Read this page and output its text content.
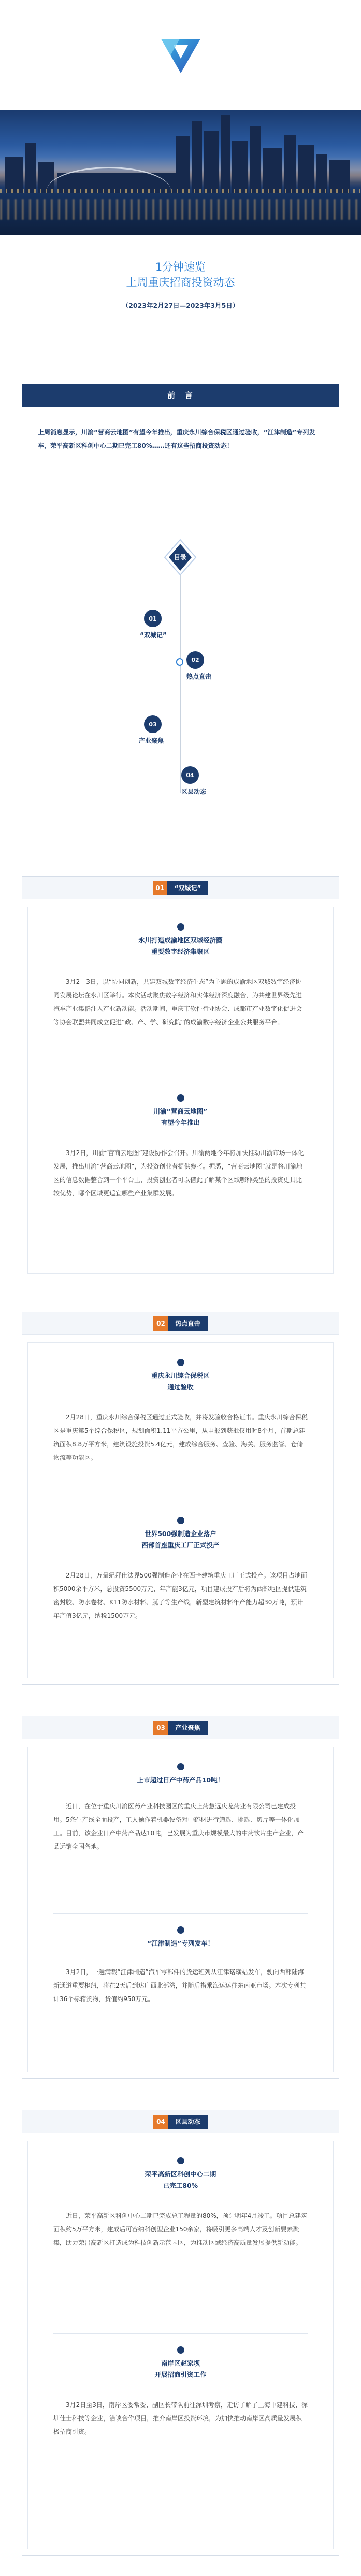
1分钟速览
上周重庆招商投资动态
（2023年2月27日—2023年3月5日）
前　言
上周消息显示，川渝“营商云地图”有望今年推出，重庆永川综合保税区通过验收，“江津制造”专列发车，荣平高新区科创中心二期已完工80%……还有这些招商投资动态！
目录
01
“双城记”
02
热点直击
03
产业聚焦
04
区县动态
01	“双城记”
永川打造成渝地区双城经济圈
重要数字经济集聚区
3月2—3日，以“协同创新，共建双城数字经济生态”为主题的成渝地区双城数字经济协同发展论坛在永川区举行。本次活动聚焦数字经济和实体经济深度融合，为共建世界级先进汽车产业集群注入产业新动能。活动期间，重庆市软件行业协会、成都市产业数字化促进会等协会联盟共同成立促进“政、产、学、研究院”的成渝数字经济企业公共服务平台。
川渝“营商云地图”
有望今年推出
3月2日，川渝“营商云地图”建设协作会召开。川渝两地今年将加快推动川渝市场一体化发展，推出川渝“营商云地图”，为投资创业者提供参考。据悉，“营商云地图”就是将川渝地区的信息数据整合到一个平台上，投资创业者可以借此了解某个区域哪种类型的投资更具比较优势，哪个区域更适宜哪些产业集群发展。
02	热点直击
重庆永川综合保税区
通过验收
2月28日，重庆永川综合保税区通过正式验收，并将发验收合格证书。重庆永川综合保税区是重庆第5个综合保税区，规划面积1.11平方公里，从申报到获批仅用时8个月，首期总建筑面积8.8万平方米，建筑设施投资5.4亿元，建成综合服务、查验、海关、服务监管、仓储物流等功能区。
世界500强制造企业落户
西部首座重庆工厂正式投产
2月28日，万量纪拜仕法界500强制造企业在西卡建筑重庆工厂正式投产。该项目占地面积5000余平方米，总投资5500万元，年产能3亿元，项目建成投产后将为西部地区提供建筑密封胶、防水卷材、K11防水材料、腻子等生产线，新型建筑材料年产能力超30万吨，预计年产值3亿元，纳税1500万元。
03	产业聚焦
上市超过日产中药产品10吨！
近日，在位于重庆川渝医药产业科技园区的重庆上药慧远庆龙药业有限公司已建成投用。5条生产线全面投产，工人操作着机器设备对中药材进行筛选、挑选、切片等一体化加工。目前，该企业日产中药产品达10吨，已发展为重庆市规模最大的中药饮片生产企业，产品远销全国各地。
“江津制造”专列发车！
3月2日，一趟满载“江津制造”汽车零部件的货运班列从江津珞璜站发车，驶向西部陆海新通道重要枢纽，将在2天后到达广西北部湾，并随后搭乘海运运往东南亚市场。本次专列共计36个标箱货物，货值约950万元。
04	区县动态
荣平高新区科创中心二期
已完工80%
近日，荣平高新区科创中心二期已完成总工程量的80%，预计明年4月竣工。项目总建筑面积约5万平方米，建成后可容纳科创型企业150余家，将吸引更多高端人才及创新要素聚集，助力荣昌高新区打造成为科技创新示范园区，为推动区域经济高质量发展提供新动能。
南岸区赵家坝
开展招商引资工作
3月2日至3日，南岸区委常委、副区长带队前往深圳考察，走访了解了上海中建科技、深圳佳士科技等企业，洽谈合作项目，推介南岸区投资环境，为加快推动南岸区高质量发展积极招商引资。
